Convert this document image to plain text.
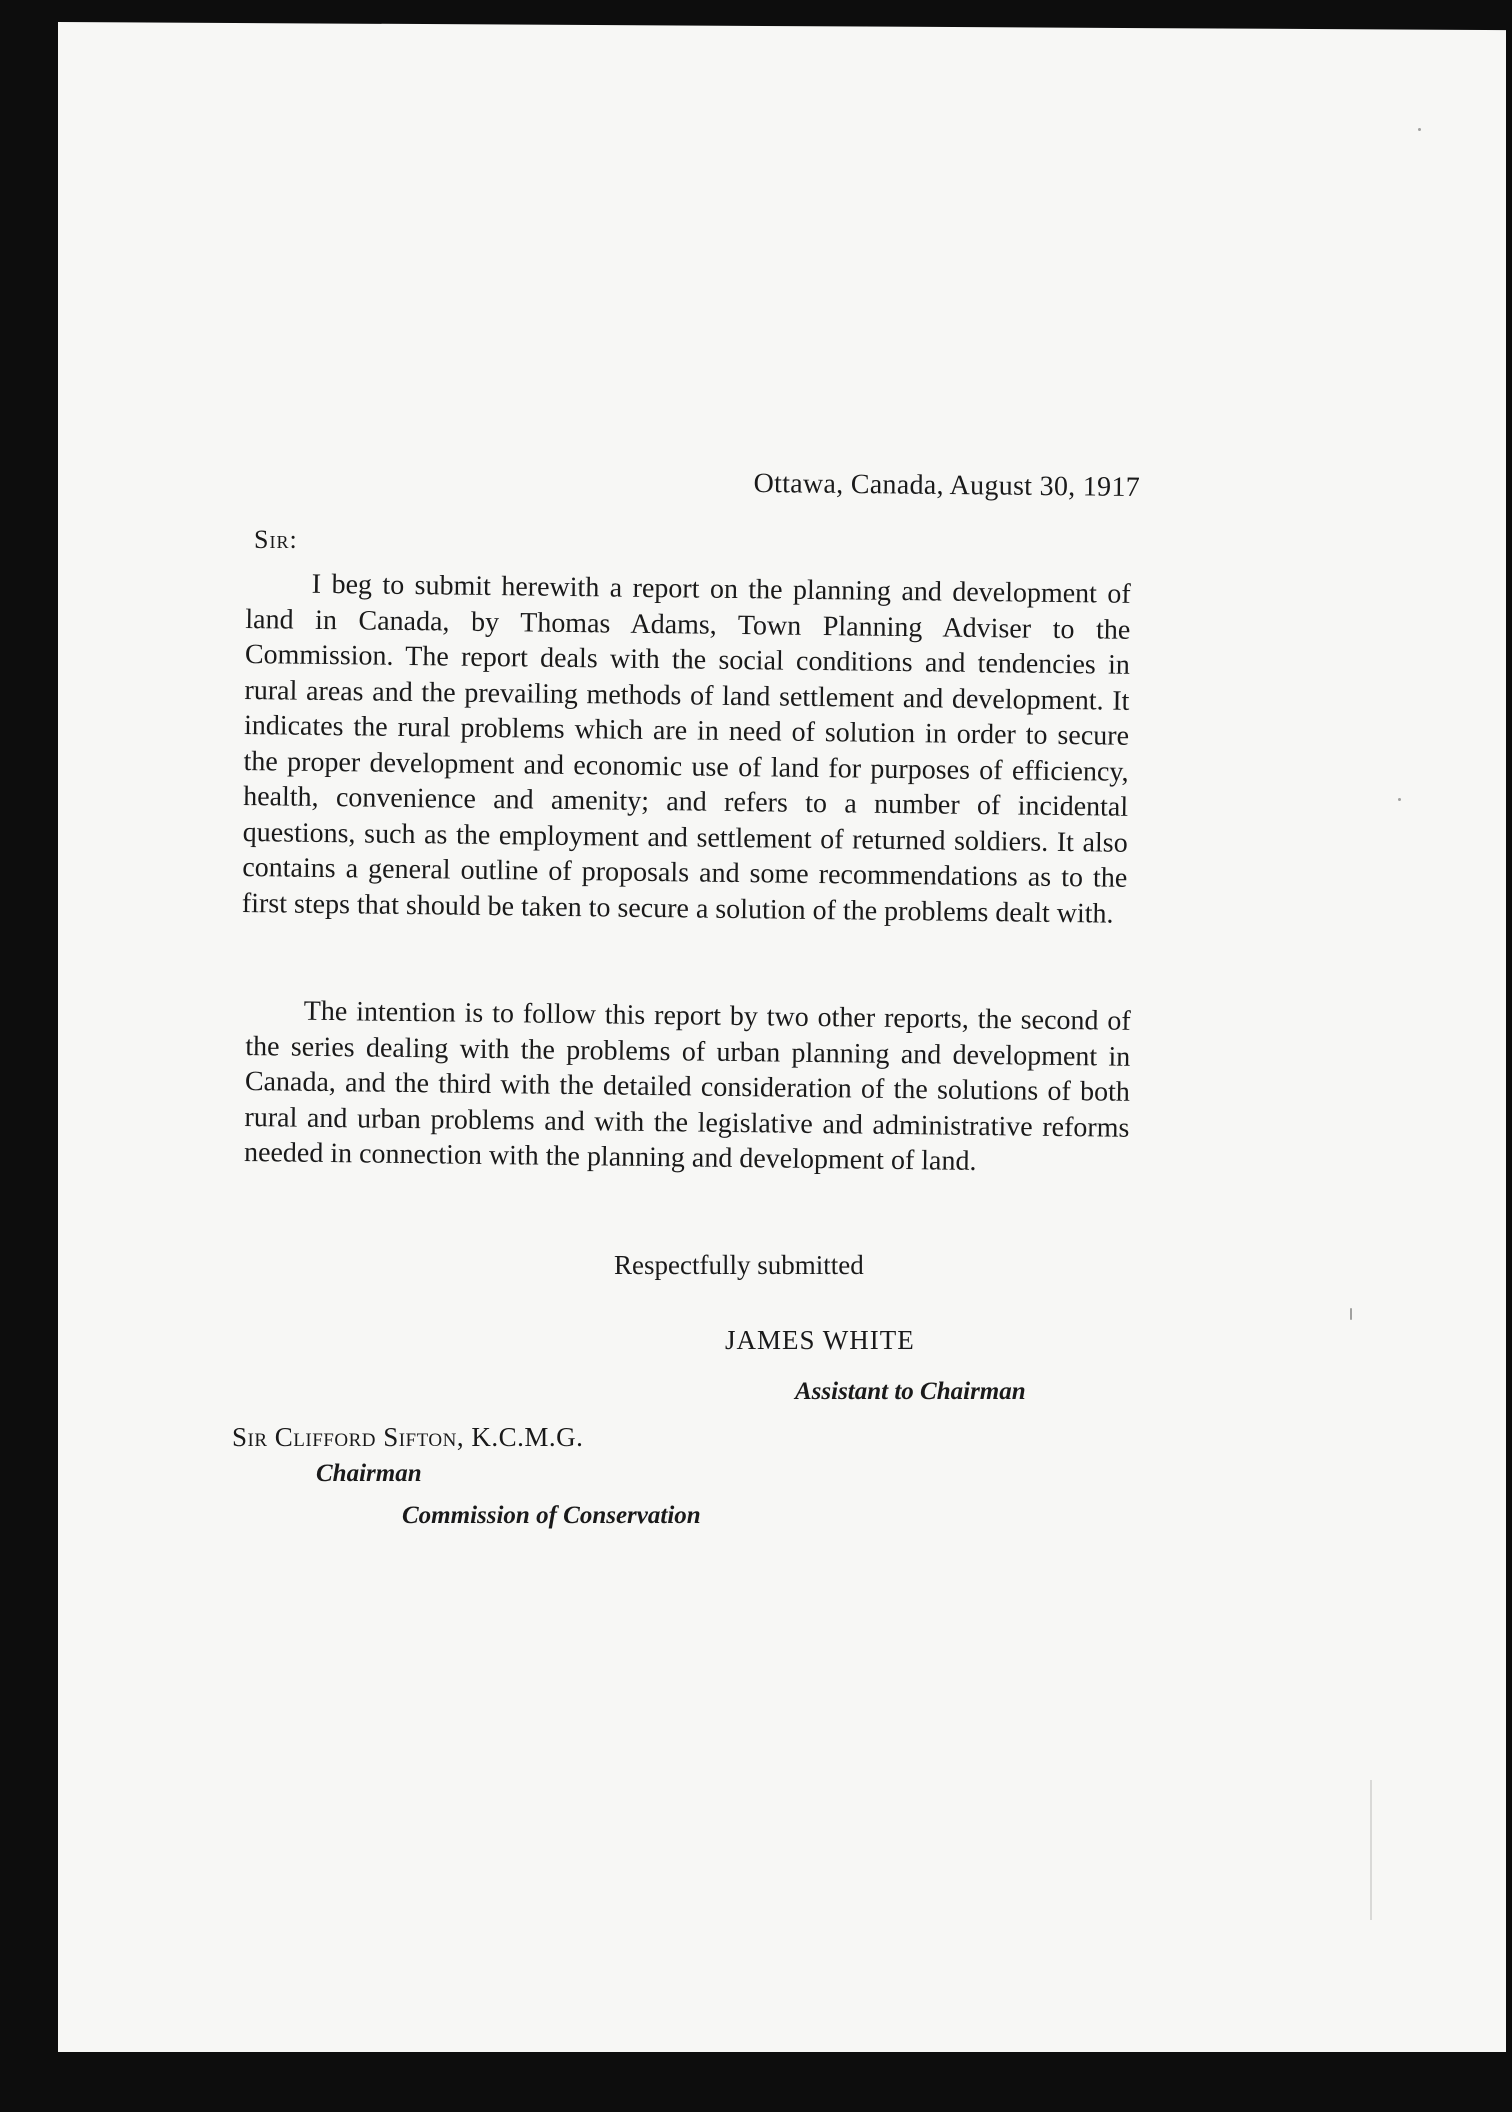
Ottawa, Canada, August 30, 1917
Sir:

I beg to submit herewith a report on the planning and development of land in Canada, by Thomas Adams, Town Planning Adviser to the Commission. The report deals with the social conditions and tendencies in rural areas and the prevailing methods of land settlement and development. It indicates the rural problems which are in need of solution in order to secure the proper development and economic use of land for purposes of efficiency, health, convenience and amenity; and refers to a number of incidental questions, such as the employment and settlement of returned soldiers. It also contains a general outline of proposals and some recommendations as to the first steps that should be taken to secure a solution of the problems dealt with.

The intention is to follow this report by two other reports, the second of the series dealing with the problems of urban planning and development in Canada, and the third with the detailed consideration of the solutions of both rural and urban problems and with the legislative and administrative reforms needed in connection with the planning and development of land.

Respectfully submitted
JAMES WHITE
Assistant to Chairman
Sir Clifford Sifton, K.C.M.G.
Chairman
Commission of Conservation
